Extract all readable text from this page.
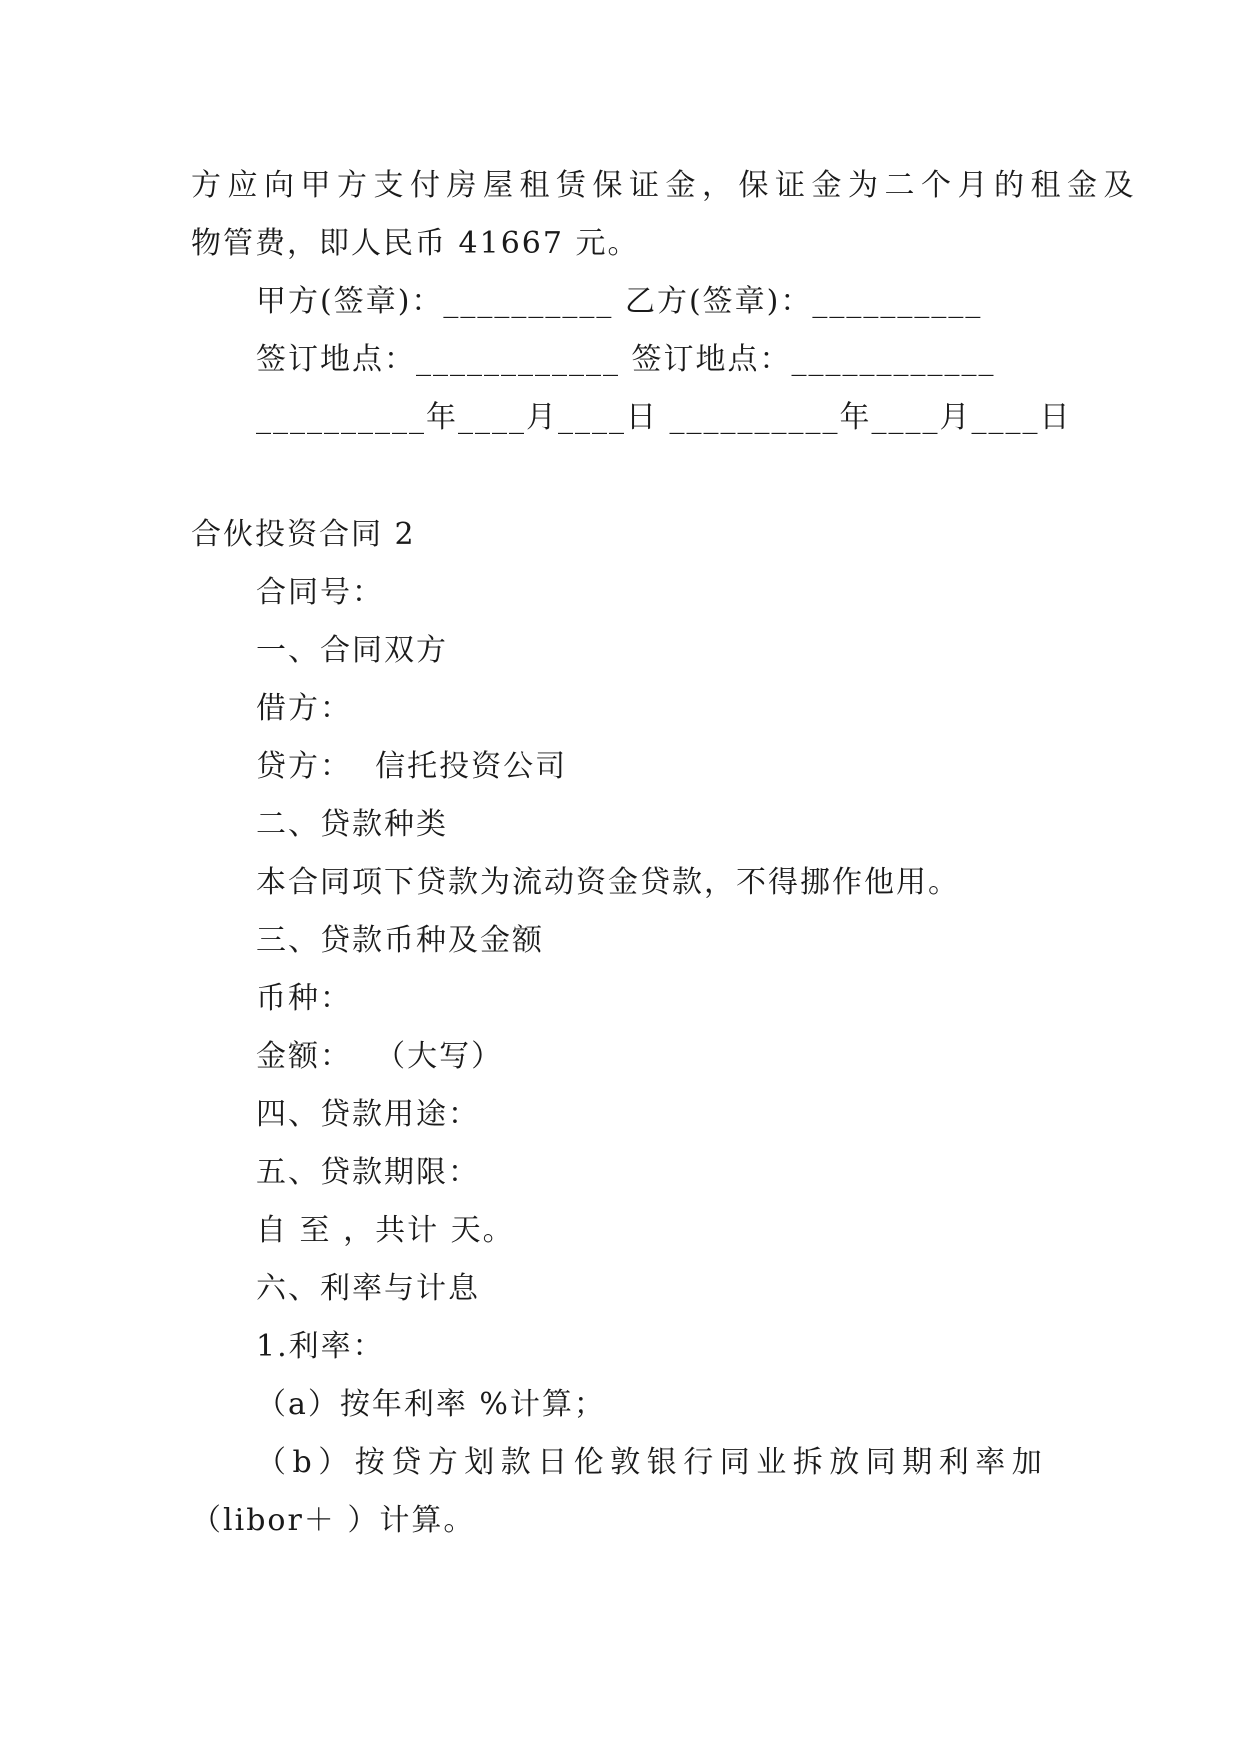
方应向甲方支付房屋租赁保证金，保证金为二个月的租金及
物管费，即人民币 41667 元。
甲方(签章)：__________ 乙方(签章)：__________
签订地点：____________ 签订地点：____________
__________年____月____日 __________年____月____日
合伙投资合同 2
合同号：
一、合同双方
借方：
贷方：  信托投资公司
二、贷款种类
本合同项下贷款为流动资金贷款，不得挪作他用。
三、贷款币种及金额
币种：
金额：  （大写）
四、贷款用途：
五、贷款期限：
自 至 ，共计 天。
六、利率与计息
1.利率：
（a）按年利率 %计算；
（b）按贷方划款日伦敦银行同业拆放同期利率加
（libor＋ ）计算。
